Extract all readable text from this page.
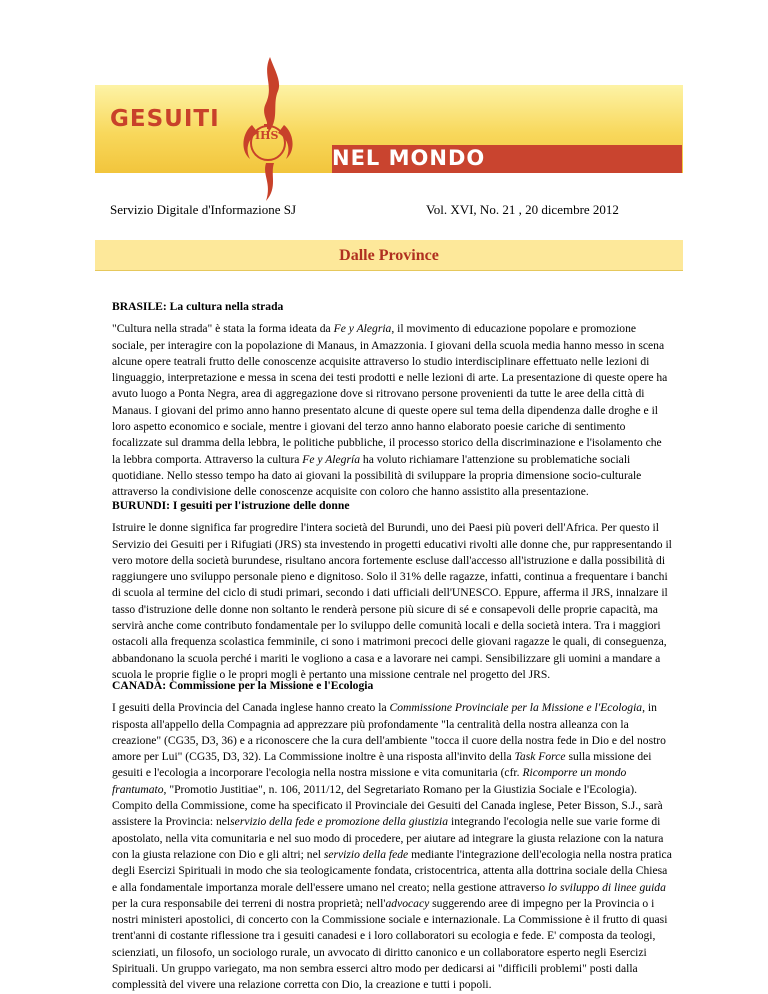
IHS
GESUITI
NEL MONDO
Servizio Digitale d'Informazione SJ	Vol. XVI, No. 21 , 20 dicembre 2012
Dalle Province
BRASILE: La cultura nella strada

"Cultura nella strada" è stata la forma ideata da Fe y Alegria, il movimento di educazione popolare e promozione sociale, per interagire con la popolazione di Manaus, in Amazzonia. I giovani della scuola media hanno messo in scena alcune opere teatrali frutto delle conoscenze acquisite attraverso lo studio interdisciplinare effettuato nelle lezioni di linguaggio, interpretazione e messa in scena dei testi prodotti e nelle lezioni di arte. La presentazione di queste opere ha avuto luogo a Ponta Negra, area di aggregazione dove si ritrovano persone provenienti da tutte le aree della città di Manaus. I giovani del primo anno hanno presentato alcune di queste opere sul tema della dipendenza dalle droghe e il loro aspetto economico e sociale, mentre i giovani del terzo anno hanno elaborato poesie cariche di sentimento focalizzate sul dramma della lebbra, le politiche pubbliche, il processo storico della discriminazione e l'isolamento che la lebbra comporta. Attraverso la cultura Fe y Alegría ha voluto richiamare l'attenzione su problematiche sociali quotidiane. Nello stesso tempo ha dato ai giovani la possibilità di sviluppare la propria dimensione socio-culturale attraverso la condivisione delle conoscenze acquisite con coloro che hanno assistito alla presentazione.

BURUNDI: I gesuiti per l'istruzione delle donne

Istruire le donne significa far progredire l'intera società del Burundi, uno dei Paesi più poveri dell'Africa. Per questo il Servizio dei Gesuiti per i Rifugiati (JRS) sta investendo in progetti educativi rivolti alle donne che, pur rappresentando il vero motore della società burundese, risultano ancora fortemente escluse dall'accesso all'istruzione e dalla possibilità di raggiungere uno sviluppo personale pieno e dignitoso. Solo il 31% delle ragazze, infatti, continua a frequentare i banchi di scuola al termine del ciclo di studi primari, secondo i dati ufficiali dell'UNESCO. Eppure, afferma il JRS, innalzare il tasso d'istruzione delle donne non soltanto le renderà persone più sicure di sé e consapevoli delle proprie capacità, ma servirà anche come contributo fondamentale per lo sviluppo delle comunità locali e della società intera. Tra i maggiori ostacoli alla frequenza scolastica femminile, ci sono i matrimoni precoci delle giovani ragazze le quali, di conseguenza, abbandonano la scuola perché i mariti le vogliono a casa e a lavorare nei campi. Sensibilizzare gli uomini a mandare a scuola le proprie figlie o le propri mogli è pertanto una missione centrale nel progetto del JRS.

CANADA: Commissione per la Missione e l'Ecologia

I gesuiti della Provincia del Canada inglese hanno creato la Commissione Provinciale per la Missione e l'Ecologia, in risposta all'appello della Compagnia ad apprezzare più profondamente "la centralità della nostra alleanza con la creazione" (CG35, D3, 36) e a riconoscere che la cura dell'ambiente "tocca il cuore della nostra fede in Dio e del nostro amore per Lui" (CG35, D3, 32). La Commissione inoltre è una risposta all'invito della Task Force sulla missione dei gesuiti e l'ecologia a incorporare l'ecologia nella nostra missione e vita comunitaria (cfr. Ricomporre un mondo frantumato, "Promotio Justitiae", n. 106, 2011/12, del Segretariato Romano per la Giustizia Sociale e l'Ecologia). Compito della Commissione, come ha specificato il Provinciale dei Gesuiti del Canada inglese, Peter Bisson, S.J., sarà assistere la Provincia: nelservizio della fede e promozione della giustizia integrando l'ecologia nelle sue varie forme di apostolato, nella vita comunitaria e nel suo modo di procedere, per aiutare ad integrare la giusta relazione con la natura con la giusta relazione con Dio e gli altri; nel servizio della fede mediante l'integrazione dell'ecologia nella nostra pratica degli Esercizi Spirituali in modo che sia teologicamente fondata, cristocentrica, attenta alla dottrina sociale della Chiesa e alla fondamentale importanza morale dell'essere umano nel creato; nella gestione attraverso lo sviluppo di linee guida per la cura responsabile dei terreni di nostra proprietà; nell'advocacy suggerendo aree di impegno per la Provincia o i nostri ministeri apostolici, di concerto con la Commissione sociale e internazionale. La Commissione è il frutto di quasi trent'anni di costante riflessione tra i gesuiti canadesi e i loro collaboratori su ecologia e fede. E' composta da teologi, scienziati, un filosofo, un sociologo rurale, un avvocato di diritto canonico e un collaboratore esperto negli Esercizi Spirituali. Un gruppo variegato, ma non sembra esserci altro modo per dedicarsi ai "difficili problemi" posti dalla complessità del vivere una relazione corretta con Dio, la creazione e tutti i popoli.
